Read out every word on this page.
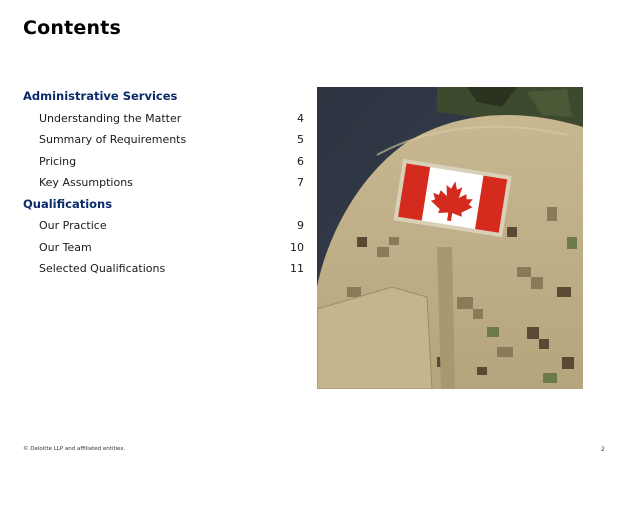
Contents
Administrative Services
Understanding the Matter	4
Summary of Requirements	5
Pricing	6
Key Assumptions	7
Qualifications
Our Practice	9
Our Team	10
Selected Qualifications	11
© Deloitte LLP and affiliated entities.	2
